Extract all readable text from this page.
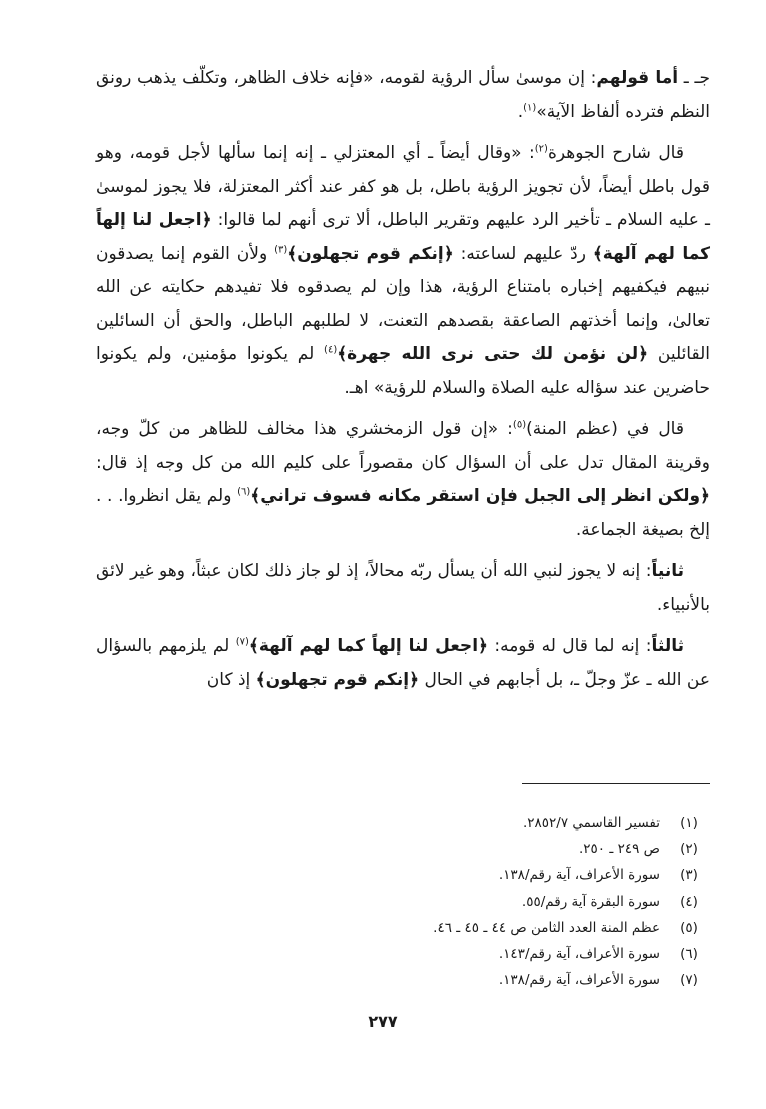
جـ ـ أما قولهم: إن موسىٰ سأل الرؤية لقومه، «فإنه خلاف الظاهر، وتكلّف يذهب رونق النظم فترده ألفاظ الآية»$^{(١)}$.

قال شارح الجوهرة$^{(٢)}$: «وقال أيضاً ـ أي المعتزلي ـ إنه إنما سألها لأجل قومه، وهو قول باطل أيضاً، لأن تجويز الرؤية باطل، بل هو كفر عند أكثر المعتزلة، فلا يجوز لموسىٰ ـ عليه السلام ـ تأخير الرد عليهم وتقرير الباطل، ألا ترى أنهم لما قالوا: ﴿اجعل لنا إلهاً كما لهم آلهة﴾ ردّ عليهم لساعته: ﴿إنكم قوم تجهلون﴾$^{(٣)}$ ولأن القوم إنما يصدقون نبيهم فيكفيهم إخباره بامتناع الرؤية، هذا وإن لم يصدقوه فلا تفيدهم حكايته عن الله تعالىٰ، وإنما أخذتهم الصاعقة بقصدهم التعنت، لا لطلبهم الباطل، والحق أن السائلين القائلين ﴿لن نؤمن لك حتى نرى الله جهرة﴾$^{(٤)}$ لم يكونوا مؤمنين، ولم يكونوا حاضرين عند سؤاله عليه الصلاة والسلام للرؤية» اهـ.

قال في (عظم المنة)$^{(٥)}$: «إن قول الزمخشري هذا مخالف للظاهر من كلّ وجه، وقرينة المقال تدل على أن السؤال كان مقصوراً على كليم الله من كل وجه إذ قال: ﴿ولكن انظر إلى الجبل فإن استقر مكانه فسوف تراني﴾$^{(٦)}$ ولم يقل انظروا. . . إلخ بصيغة الجماعة.

ثانياً: إنه لا يجوز لنبي الله أن يسأل ربّه محالاً، إذ لو جاز ذلك لكان عبثاً، وهو غير لائق بالأنبياء.

ثالثاً: إنه لما قال له قومه: ﴿اجعل لنا إلهاً كما لهم آلهة﴾$^{(٧)}$ لم يلزمهم بالسؤال عن الله ـ عزّ وجلّ ـ، بل أجابهم في الحال ﴿إنكم قوم تجهلون﴾ إذ كان

(١)
تفسير القاسمي ٢٨٥٢/٧.
(٢)
ص ٢٤٩ ـ ٢٥٠.
(٣)
سورة الأعراف، آية رقم/١٣٨.
(٤)
سورة البقرة آية رقم/٥٥.
(٥)
عظم المنة العدد الثامن ص ٤٤ ـ ٤٥ ـ ٤٦.
(٦)
سورة الأعراف، آية رقم/١٤٣.
(٧)
سورة الأعراف، آية رقم/١٣٨.
٢٧٧
